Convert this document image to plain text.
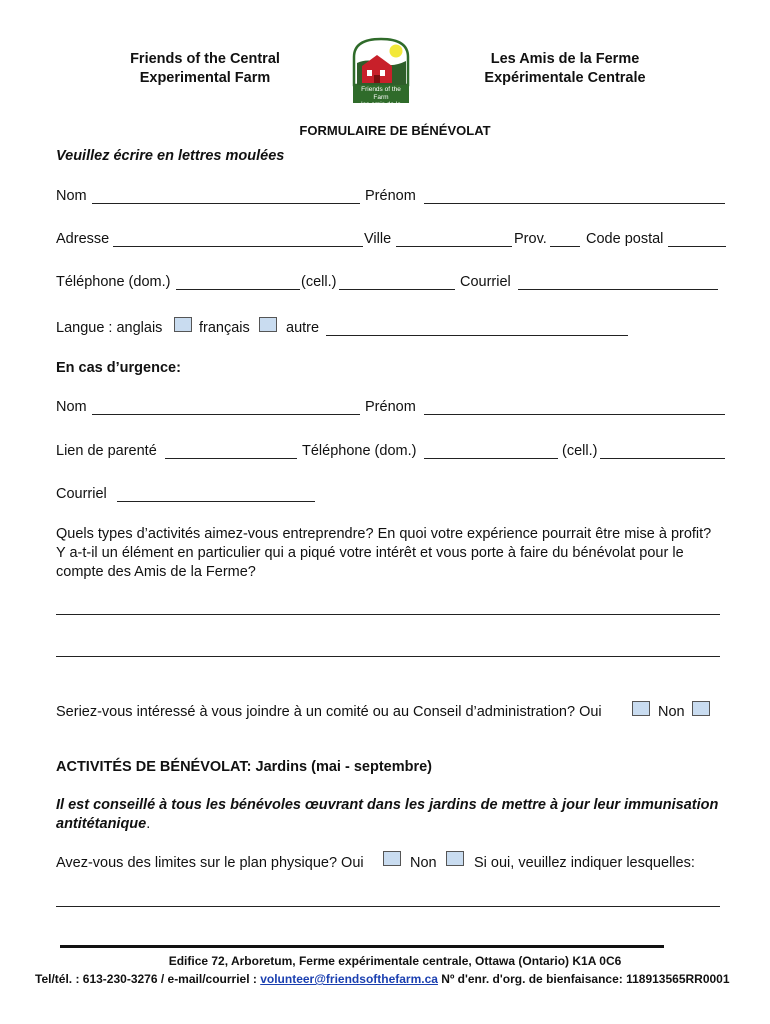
Friends of the Central
Experimental Farm
Friends of the Farm
les amis de la ferme
Les Amis de la Ferme
Expérimentale Centrale
FORMULAIRE DE BÉNÉVOLAT
Veuillez écrire en lettres moulées
Nom	Prénom
Adresse	Ville	Prov.	Code postal
Téléphone (dom.)	(cell.)	Courriel
Langue : anglais	français autre
En cas d’urgence:
Nom	Prénom
Lien de parenté	Téléphone (dom.)	(cell.)
Courriel
Quels types d’activités aimez-vous entreprendre? En quoi votre expérience pourrait être mise à profit? Y a-t-il un élément en particulier qui a piqué votre intérêt et vous porte à faire du bénévolat pour le compte des Amis de la Ferme?
Seriez-vous intéressé à vous joindre à un comité ou au Conseil d’administration? Oui	Non
ACTIVITÉS DE BÉNÉVOLAT: Jardins (mai - septembre)
Il est conseillé à tous les bénévoles œuvrant dans les jardins de mettre à jour leur immunisation antitétanique.
Avez-vous des limites sur le plan physique? Oui	Non	Si oui, veuillez indiquer lesquelles:
Edifice 72, Arboretum, Ferme expérimentale centrale, Ottawa (Ontario) K1A 0C6
Tel/tél. : 613-230-3276 / e-mail/courriel : volunteer@friendsofthefarm.ca Nº d'enr. d'org. de bienfaisance: 118913565RR0001
